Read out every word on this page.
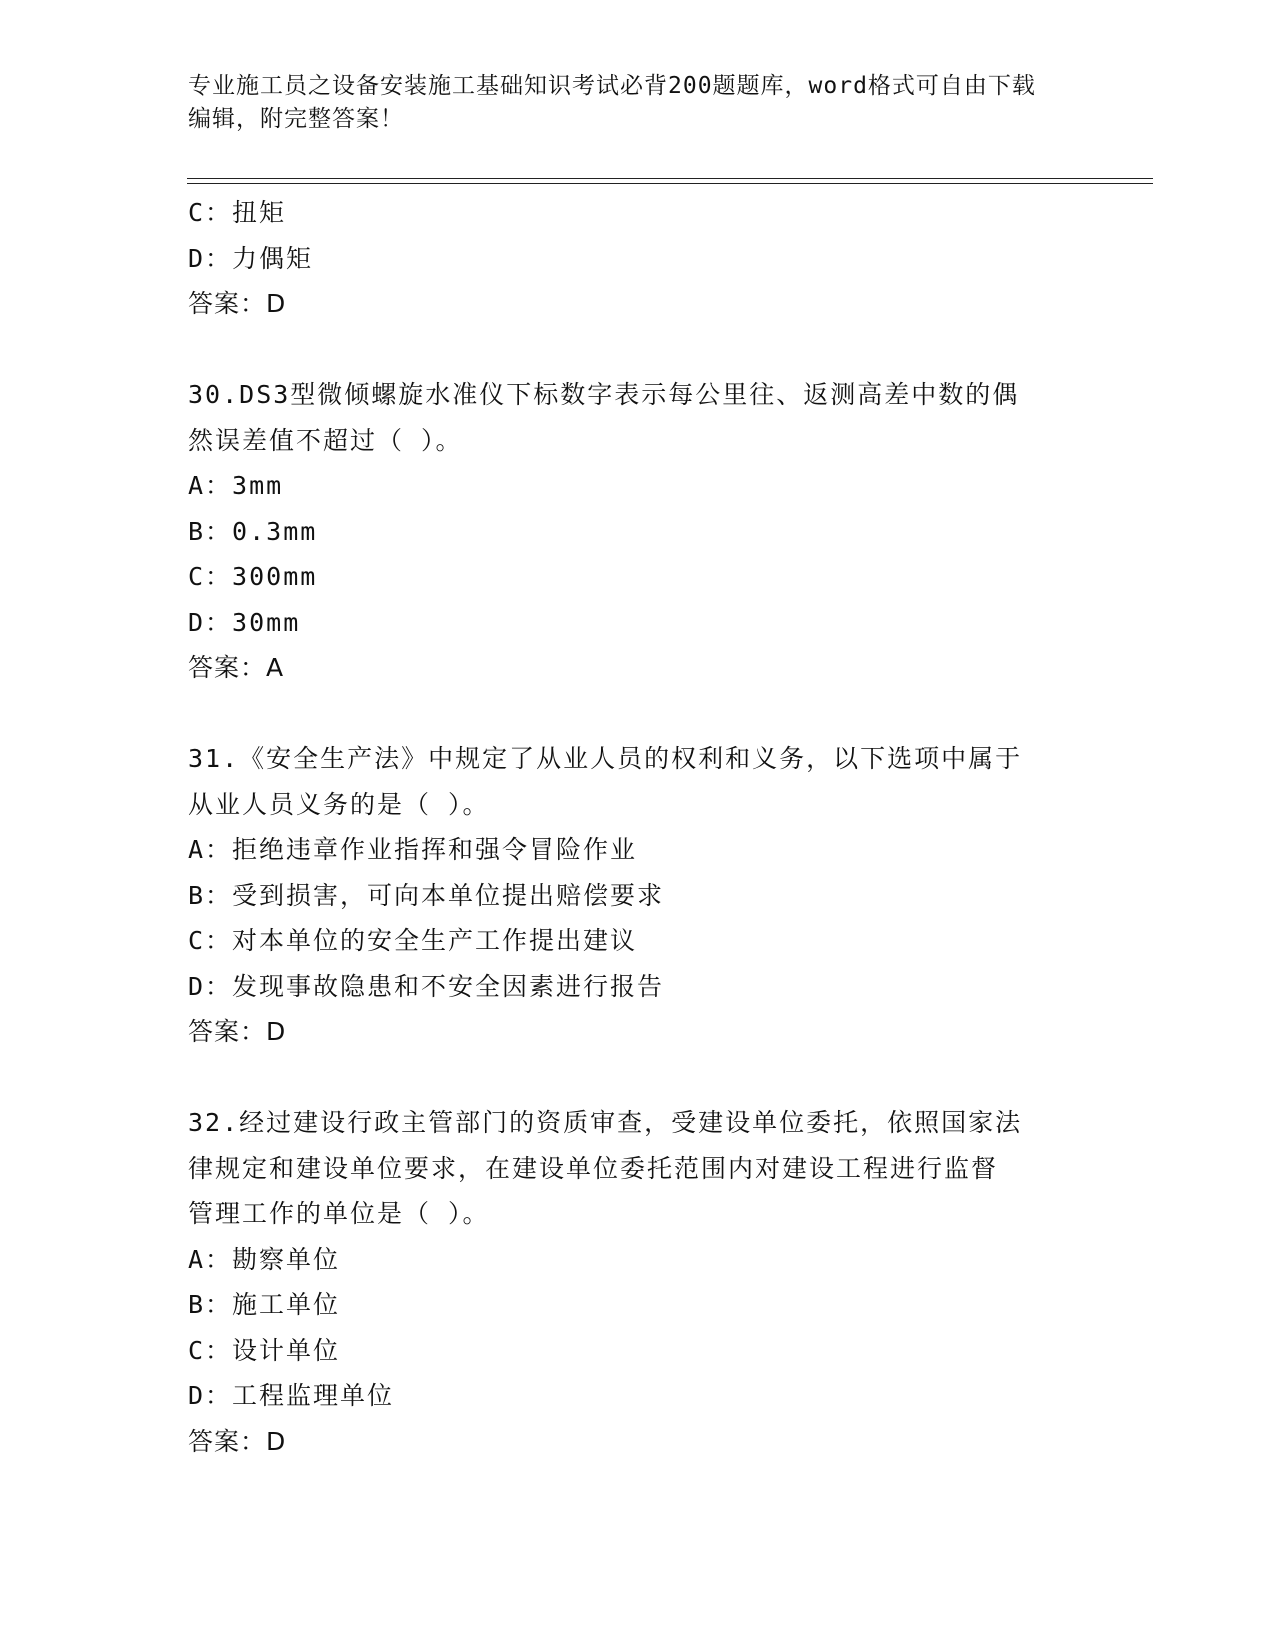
专业施工员之设备安装施工基础知识考试必背200题题库，word格式可自由下载
编辑，附完整答案！
C：扭矩
D：力偶矩
答案：D
30.DS3型微倾螺旋水准仪下标数字表示每公里往、返测高差中数的偶
然误差值不超过（ ）。
A：3mm
B：0.3mm
C：300mm
D：30mm
答案：A
31.《安全生产法》中规定了从业人员的权利和义务，以下选项中属于
从业人员义务的是（ ）。
A：拒绝违章作业指挥和强令冒险作业
B：受到损害，可向本单位提出赔偿要求
C：对本单位的安全生产工作提出建议
D：发现事故隐患和不安全因素进行报告
答案：D
32.经过建设行政主管部门的资质审查，受建设单位委托，依照国家法
律规定和建设单位要求，在建设单位委托范围内对建设工程进行监督
管理工作的单位是（ ）。
A：勘察单位
B：施工单位
C：设计单位
D：工程监理单位
答案：D
